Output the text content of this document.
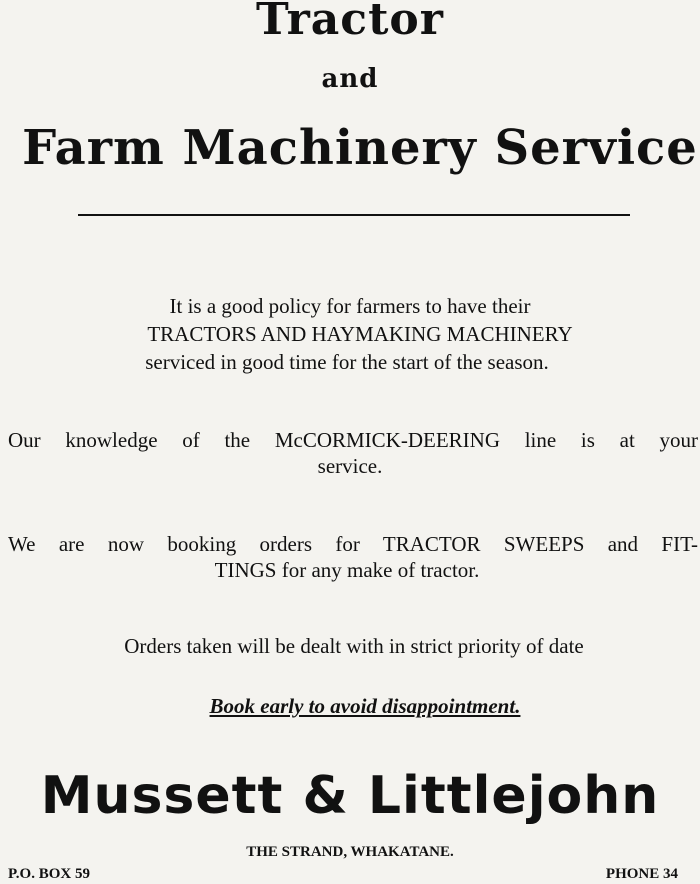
Tractor
and
Farm Machinery Service
It is a good policy for farmers to have their
TRACTORS AND HAYMAKING MACHINERY
serviced in good time for the start of the season.
Our knowledge of the McCORMICK-DEERING line is at your
service.
We are now booking orders for TRACTOR SWEEPS and FIT-
TINGS for any make of tractor.
Orders taken will be dealt with in strict priority of date
Book early to avoid disappointment.
Mussett & Littlejohn
THE STRAND, WHAKATANE.
P.O. BOX 59	PHONE 34
